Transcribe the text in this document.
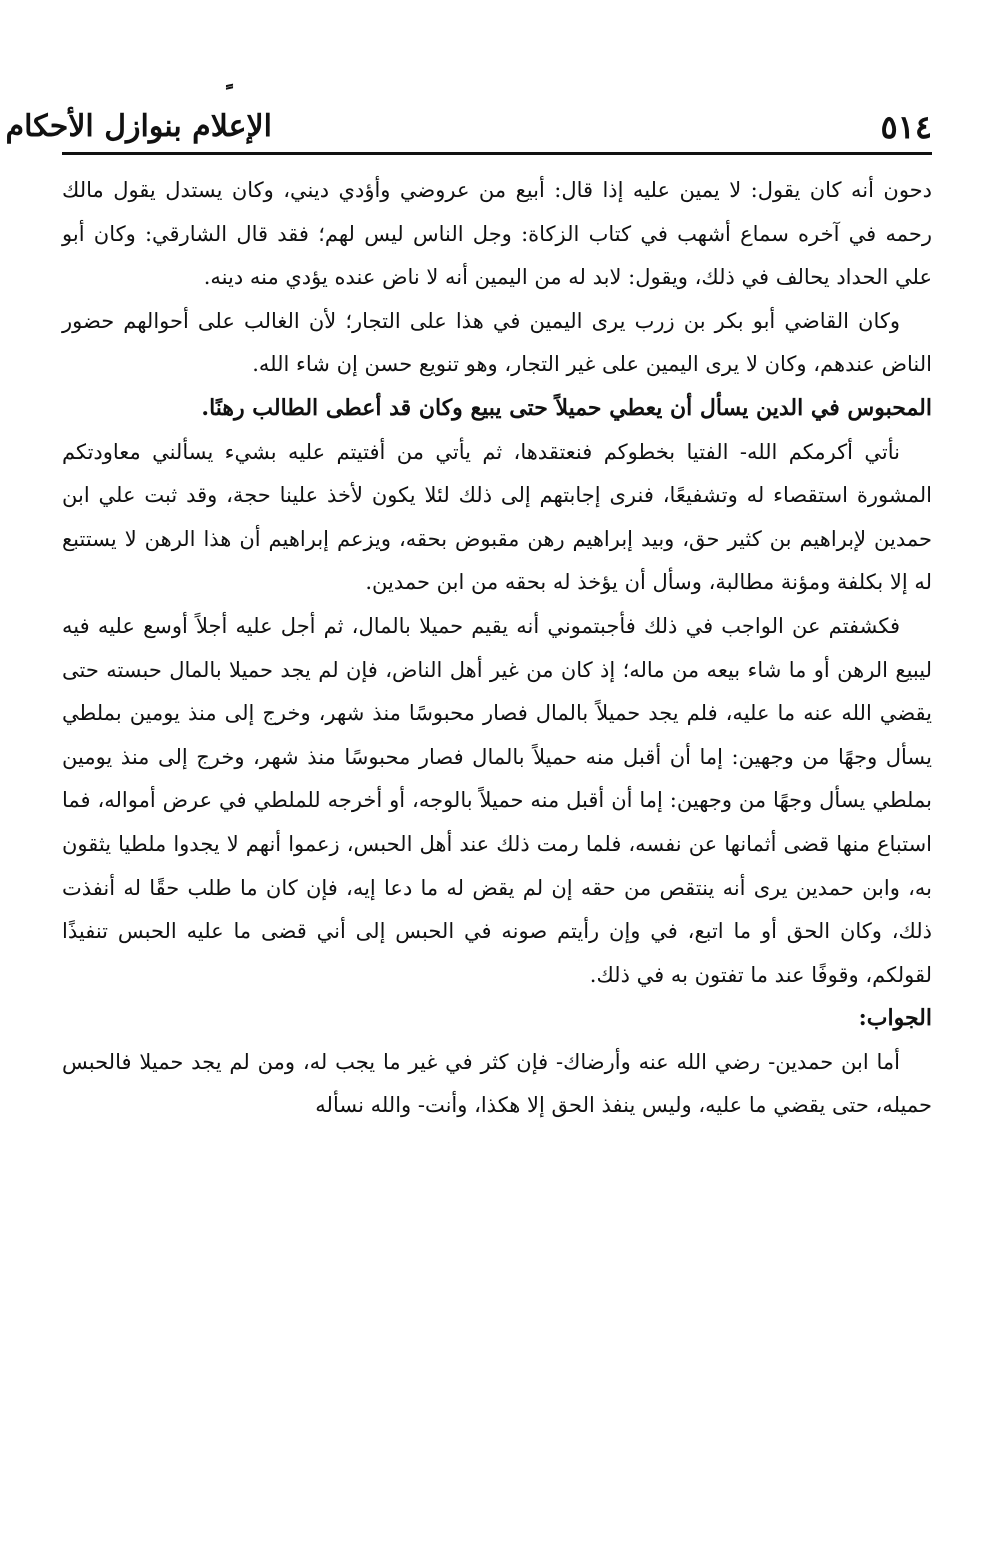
الإعلام بنوازل الأحكام	٥١٤

دحون أنه كان يقول: لا يمين عليه إذا قال: أبيع من عروضي وأؤدي ديني، وكان يستدل يقول مالك رحمه في آخره سماع أشهب في كتاب الزكاة: وجل الناس ليس لهم؛ فقد قال الشارقي: وكان أبو علي الحداد يحالف في ذلك، ويقول: لابد له من اليمين أنه لا ناض عنده يؤدي منه دينه.

وكان القاضي أبو بكر بن زرب يرى اليمين في هذا على التجار؛ لأن الغالب على أحوالهم حضور الناض عندهم، وكان لا يرى اليمين على غير التجار، وهو تنويع حسن إن شاء الله.

المحبوس في الدين يسأل أن يعطي حميلاً حتى يبيع وكان قد أعطى الطالب رهنًا.

نأتي أكرمكم الله- الفتيا بخطوكم فنعتقدها، ثم يأتي من أفتيتم عليه بشيء يسألني معاودتكم المشورة استقصاء له وتشفيعًا، فنرى إجابتهم إلى ذلك لئلا يكون لأخذ علينا حجة، وقد ثبت علي ابن حمدين لإبراهيم بن كثير حق، وبيد إبراهيم رهن مقبوض بحقه، ويزعم إبراهيم أن هذا الرهن لا يستتبع له إلا بكلفة ومؤنة مطالبة، وسأل أن يؤخذ له بحقه من ابن حمدين.

فكشفتم عن الواجب في ذلك فأجبتموني أنه يقيم حميلا بالمال، ثم أجل عليه أجلاً أوسع عليه فيه ليبيع الرهن أو ما شاء بيعه من ماله؛ إذ كان من غير أهل الناض، فإن لم يجد حميلا بالمال حبسته حتى يقضي الله عنه ما عليه، فلم يجد حميلاً بالمال فصار محبوسًا منذ شهر، وخرج إلى منذ يومين بملطي يسأل وجهًا من وجهين: إما أن أقبل منه حميلاً بالمال فصار محبوسًا منذ شهر، وخرج إلى منذ يومين بملطي يسأل وجهًا من وجهين: إما أن أقبل منه حميلاً بالوجه، أو أخرجه للملطي في عرض أمواله، فما استباع منها قضى أثمانها عن نفسه، فلما رمت ذلك عند أهل الحبس، زعموا أنهم لا يجدوا ملطيا يثقون به، وابن حمدين يرى أنه ينتقص من حقه إن لم يقض له ما دعا إيه، فإن كان ما طلب حقًا له أنفذت ذلك، وكان الحق أو ما اتبع، في وإن رأيتم صونه في الحبس إلى أني قضى ما عليه الحبس تنفيذًا لقولكم، وقوفًا عند ما تفتون به في ذلك.

الجواب:

أما ابن حمدين- رضي الله عنه وأرضاك- فإن كثر في غير ما يجب له، ومن لم يجد حميلا فالحبس حميله، حتى يقضي ما عليه، وليس ينفذ الحق إلا هكذا، وأنت- والله نسأله
